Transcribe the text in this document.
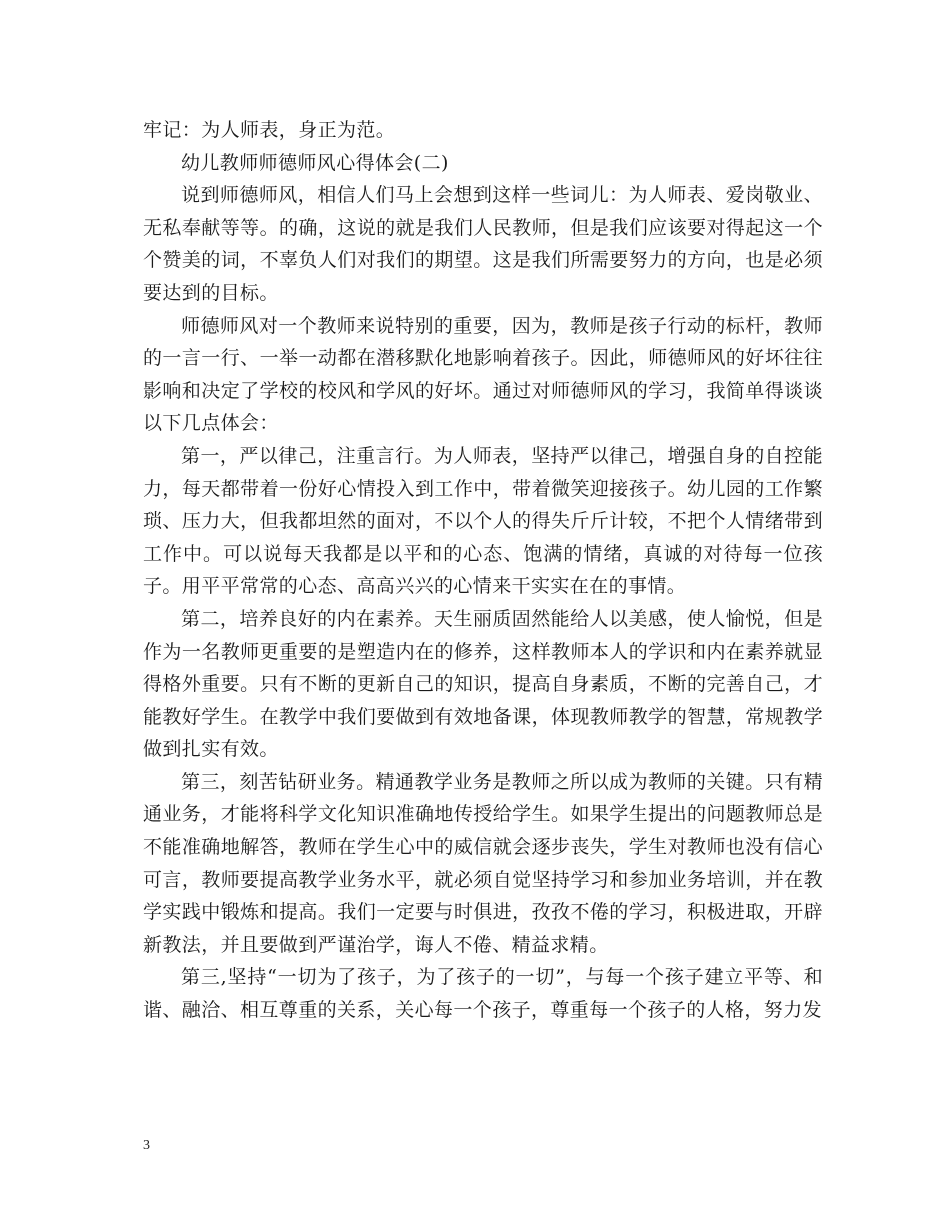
牢记：为人师表，身正为范。

幼儿教师师德师风心得体会(二)

说到师德师风，相信人们马上会想到这样一些词儿：为人师表、爱岗敬业、无私奉献等等。的确，这说的就是我们人民教师，但是我们应该要对得起这一个个赞美的词，不辜负人们对我们的期望。这是我们所需要努力的方向，也是必须要达到的目标。

师德师风对一个教师来说特别的重要，因为，教师是孩子行动的标杆，教师的一言一行、一举一动都在潜移默化地影响着孩子。因此，师德师风的好坏往往影响和决定了学校的校风和学风的好坏。通过对师德师风的学习，我简单得谈谈以下几点体会：

第一，严以律己，注重言行。为人师表，坚持严以律己，增强自身的自控能力，每天都带着一份好心情投入到工作中，带着微笑迎接孩子。幼儿园的工作繁琐、压力大，但我都坦然的面对，不以个人的得失斤斤计较，不把个人情绪带到工作中。可以说每天我都是以平和的心态、饱满的情绪，真诚的对待每一位孩子。用平平常常的心态、高高兴兴的心情来干实实在在的事情。

第二，培养良好的内在素养。天生丽质固然能给人以美感，使人愉悦，但是作为一名教师更重要的是塑造内在的修养，这样教师本人的学识和内在素养就显得格外重要。只有不断的更新自己的知识，提高自身素质，不断的完善自己，才能教好学生。在教学中我们要做到有效地备课，体现教师教学的智慧，常规教学做到扎实有效。

第三，刻苦钻研业务。精通教学业务是教师之所以成为教师的关键。只有精通业务，才能将科学文化知识准确地传授给学生。如果学生提出的问题教师总是不能准确地解答，教师在学生心中的威信就会逐步丧失，学生对教师也没有信心可言，教师要提高教学业务水平，就必须自觉坚持学习和参加业务培训，并在教学实践中锻炼和提高。我们一定要与时俱进，孜孜不倦的学习，积极进取，开辟新教法，并且要做到严谨治学，诲人不倦、精益求精。

第三,坚持“一切为了孩子，为了孩子的一切”，与每一个孩子建立平等、和谐、融洽、相互尊重的关系，关心每一个孩子，尊重每一个孩子的人格，努力发

3
